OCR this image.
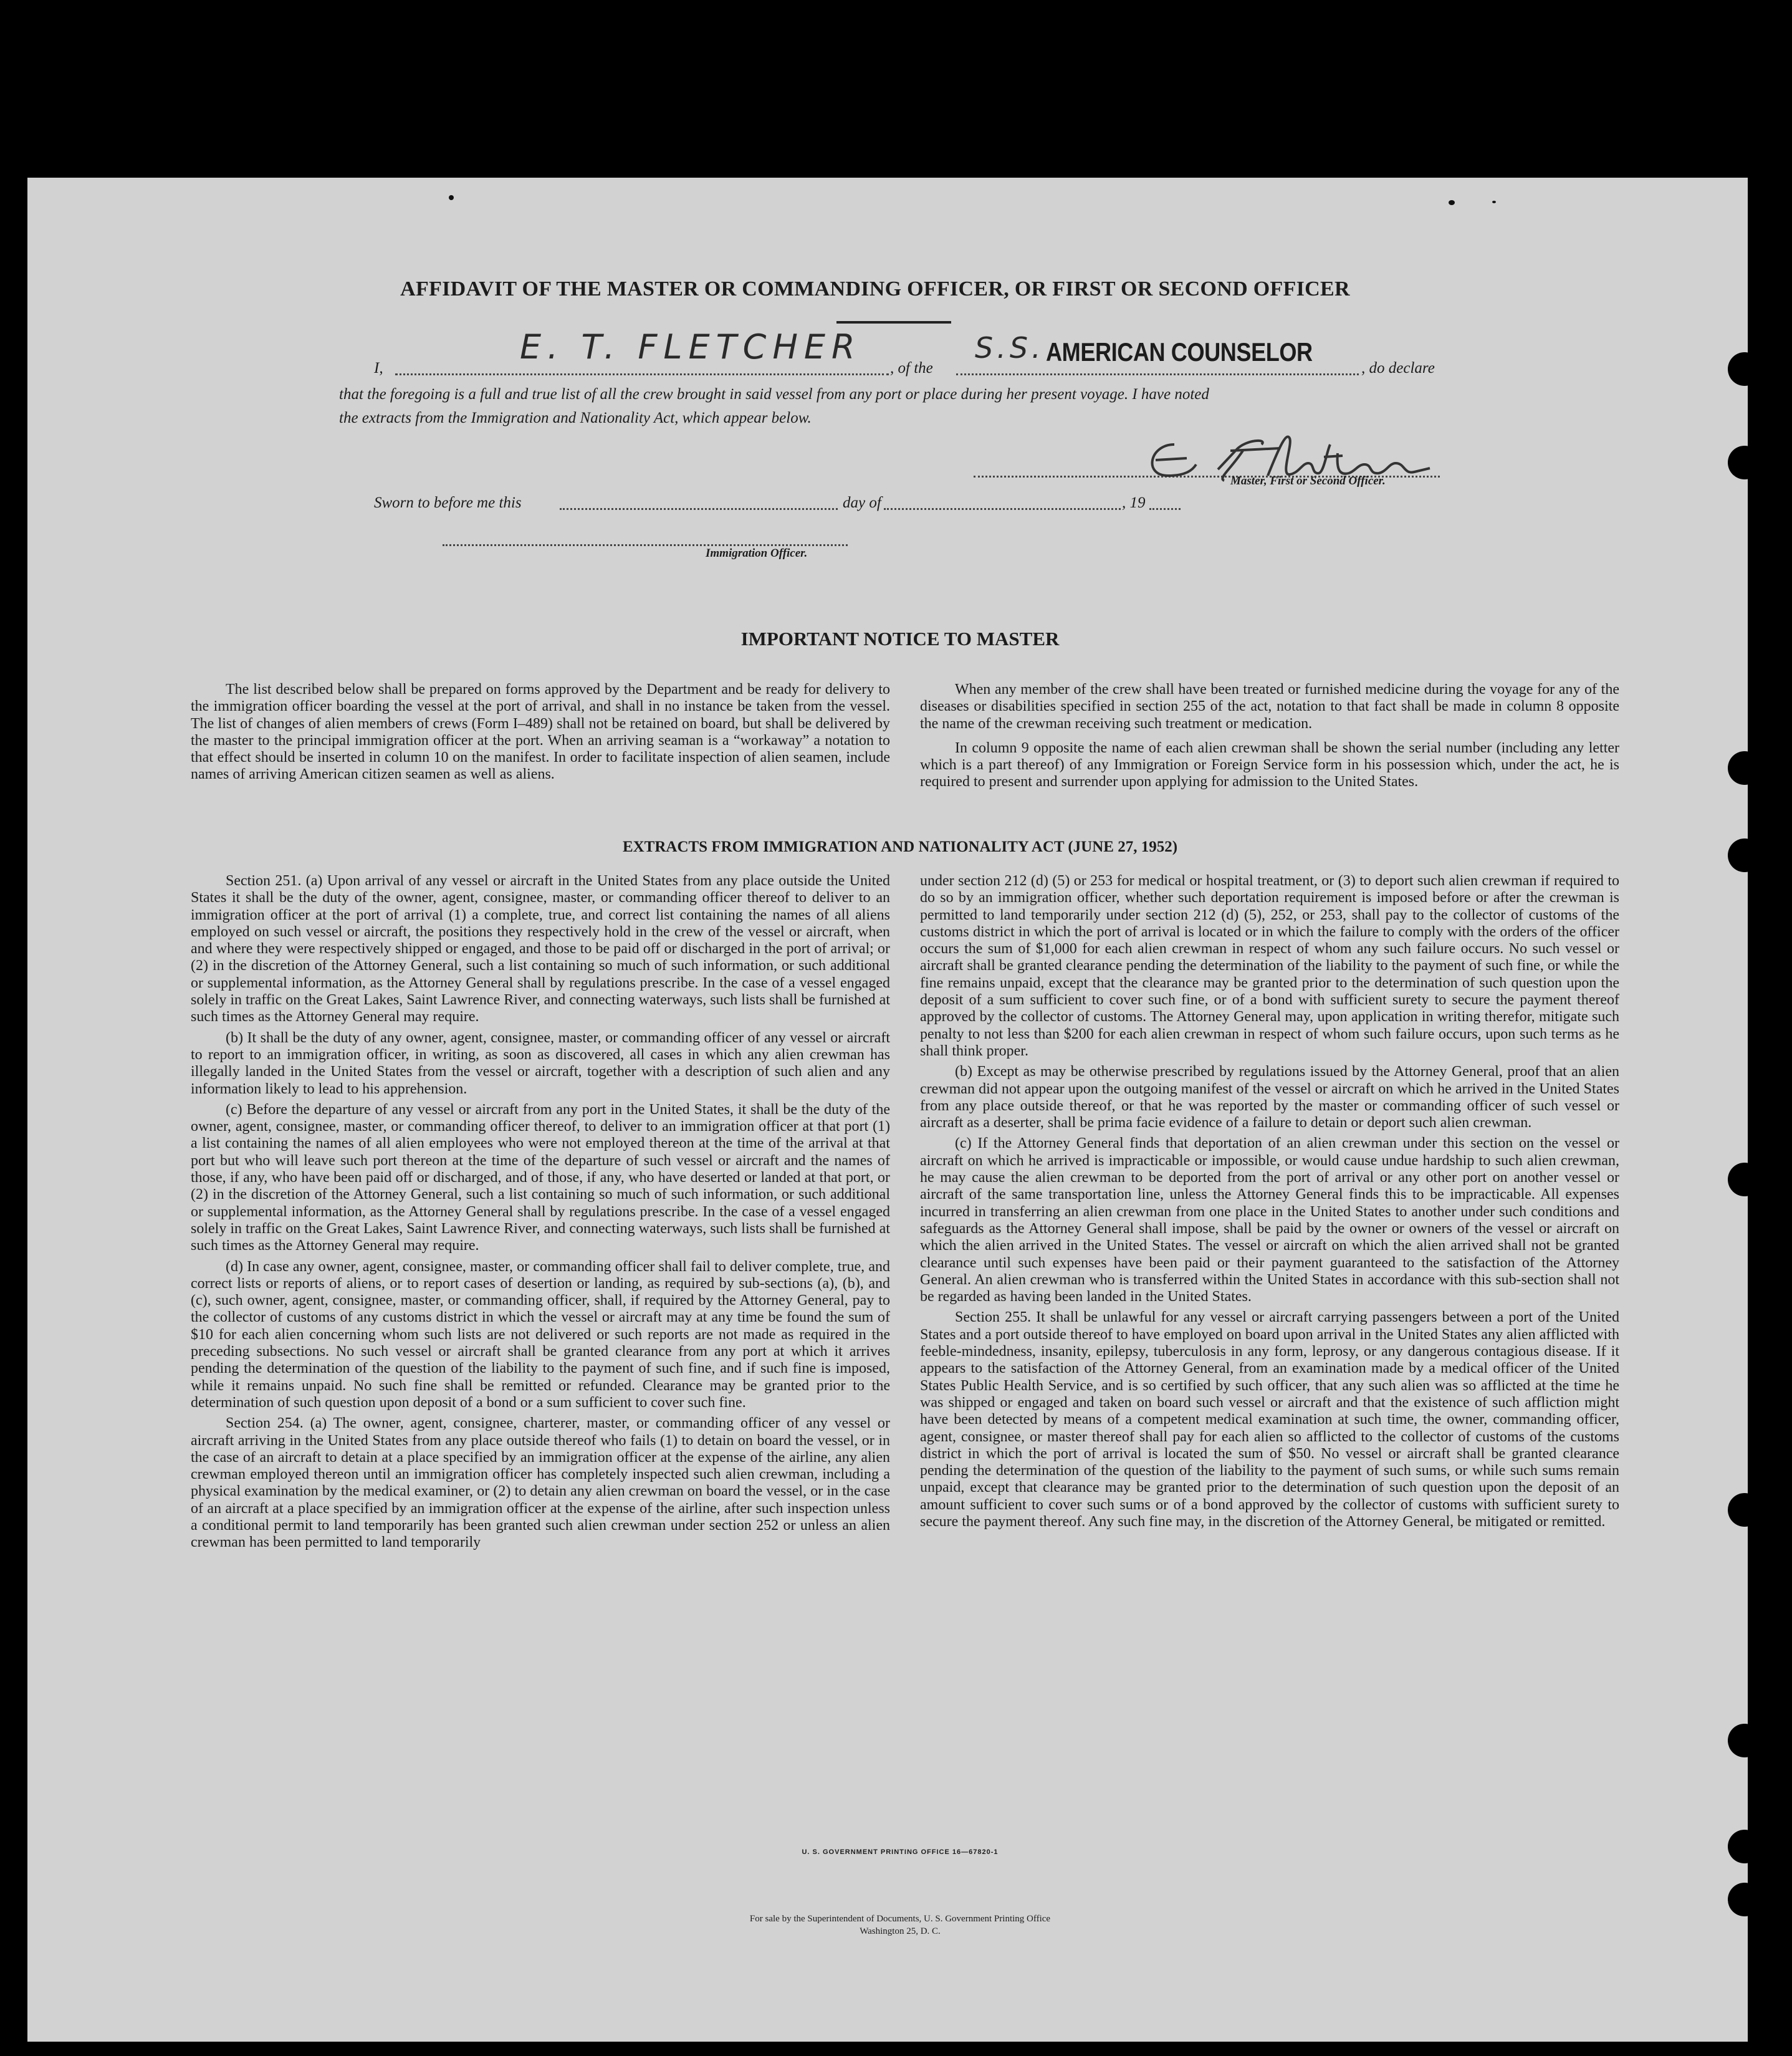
AFFIDAVIT OF THE MASTER OR COMMANDING OFFICER, OR FIRST OR SECOND OFFICER
I,
E. T. FLETCHER
, of the
S.S. AMERICAN COUNSELOR
, do declare
that the foregoing is a full and true list of all the crew brought in said vessel from any port or place during her present voyage. I have noted
the extracts from the Immigration and Nationality Act, which appear below.
Master, First or Second Officer.
Sworn to before me this	day of	, 19
Immigration Officer.
IMPORTANT NOTICE TO MASTER

The list described below shall be prepared on forms approved by the Department and be ready for delivery to the immigration officer boarding the vessel at the port of arrival, and shall in no instance be taken from the vessel. The list of changes of alien members of crews (Form I–489) shall not be retained on board, but shall be delivered by the master to the principal immigration officer at the port. When an arriving seaman is a “workaway” a notation to that effect should be inserted in column 10 on the manifest. In order to facilitate inspection of alien seamen, include names of arriving American citizen seamen as well as aliens.

When any member of the crew shall have been treated or furnished medicine during the voyage for any of the diseases or disabilities specified in section 255 of the act, notation to that fact shall be made in column 8 opposite the name of the crewman receiving such treatment or medication.

In column 9 opposite the name of each alien crewman shall be shown the serial number (including any letter which is a part thereof) of any Immigration or Foreign Service form in his possession which, under the act, he is required to present and surrender upon applying for admission to the United States.

EXTRACTS FROM IMMIGRATION AND NATIONALITY ACT (JUNE 27, 1952)

Section 251. (a) Upon arrival of any vessel or aircraft in the United States from any place outside the United States it shall be the duty of the owner, agent, consignee, master, or commanding officer thereof to deliver to an immigration officer at the port of arrival (1) a complete, true, and correct list containing the names of all aliens employed on such vessel or aircraft, the positions they respectively hold in the crew of the vessel or aircraft, when and where they were respectively shipped or engaged, and those to be paid off or discharged in the port of arrival; or (2) in the discretion of the Attorney General, such a list containing so much of such information, or such additional or supplemental information, as the Attorney General shall by regulations prescribe. In the case of a vessel engaged solely in traffic on the Great Lakes, Saint Lawrence River, and connecting waterways, such lists shall be furnished at such times as the Attorney General may require.

(b) It shall be the duty of any owner, agent, consignee, master, or commanding officer of any vessel or aircraft to report to an immigration officer, in writing, as soon as discovered, all cases in which any alien crewman has illegally landed in the United States from the vessel or aircraft, together with a description of such alien and any information likely to lead to his apprehension.

(c) Before the departure of any vessel or aircraft from any port in the United States, it shall be the duty of the owner, agent, consignee, master, or commanding officer thereof, to deliver to an immigration officer at that port (1) a list containing the names of all alien employees who were not employed thereon at the time of the arrival at that port but who will leave such port thereon at the time of the departure of such vessel or aircraft and the names of those, if any, who have been paid off or discharged, and of those, if any, who have deserted or landed at that port, or (2) in the discretion of the Attorney General, such a list containing so much of such information, or such additional or supplemental information, as the Attorney General shall by regulations prescribe. In the case of a vessel engaged solely in traffic on the Great Lakes, Saint Lawrence River, and connecting waterways, such lists shall be furnished at such times as the Attorney General may require.

(d) In case any owner, agent, consignee, master, or commanding officer shall fail to deliver complete, true, and correct lists or reports of aliens, or to report cases of desertion or landing, as required by sub-sections (a), (b), and (c), such owner, agent, consignee, master, or commanding officer, shall, if required by the Attorney General, pay to the collector of customs of any customs district in which the vessel or aircraft may at any time be found the sum of $10 for each alien concerning whom such lists are not delivered or such reports are not made as required in the preceding subsections. No such vessel or aircraft shall be granted clearance from any port at which it arrives pending the determination of the question of the liability to the payment of such fine, and if such fine is imposed, while it remains unpaid. No such fine shall be remitted or refunded. Clearance may be granted prior to the determination of such question upon deposit of a bond or a sum sufficient to cover such fine.

Section 254. (a) The owner, agent, consignee, charterer, master, or commanding officer of any vessel or aircraft arriving in the United States from any place outside thereof who fails (1) to detain on board the vessel, or in the case of an aircraft to detain at a place specified by an immigration officer at the expense of the airline, any alien crewman employed thereon until an immigration officer has completely inspected such alien crewman, including a physical examination by the medical examiner, or (2) to detain any alien crewman on board the vessel, or in the case of an aircraft at a place specified by an immigration officer at the expense of the airline, after such inspection unless a conditional permit to land temporarily has been granted such alien crewman under section 252 or unless an alien crewman has been permitted to land temporarily

under section 212 (d) (5) or 253 for medical or hospital treatment, or (3) to deport such alien crewman if required to do so by an immigration officer, whether such deportation requirement is imposed before or after the crewman is permitted to land temporarily under section 212 (d) (5), 252, or 253, shall pay to the collector of customs of the customs district in which the port of arrival is located or in which the failure to comply with the orders of the officer occurs the sum of $1,000 for each alien crewman in respect of whom any such failure occurs. No such vessel or aircraft shall be granted clearance pending the determination of the liability to the payment of such fine, or while the fine remains unpaid, except that the clearance may be granted prior to the determination of such question upon the deposit of a sum sufficient to cover such fine, or of a bond with sufficient surety to secure the payment thereof approved by the collector of customs. The Attorney General may, upon application in writing therefor, mitigate such penalty to not less than $200 for each alien crewman in respect of whom such failure occurs, upon such terms as he shall think proper.

(b) Except as may be otherwise prescribed by regulations issued by the Attorney General, proof that an alien crewman did not appear upon the outgoing manifest of the vessel or aircraft on which he arrived in the United States from any place outside thereof, or that he was reported by the master or commanding officer of such vessel or aircraft as a deserter, shall be prima facie evidence of a failure to detain or deport such alien crewman.

(c) If the Attorney General finds that deportation of an alien crewman under this section on the vessel or aircraft on which he arrived is impracticable or impossible, or would cause undue hardship to such alien crewman, he may cause the alien crewman to be deported from the port of arrival or any other port on another vessel or aircraft of the same transportation line, unless the Attorney General finds this to be impracticable. All expenses incurred in transferring an alien crewman from one place in the United States to another under such conditions and safeguards as the Attorney General shall impose, shall be paid by the owner or owners of the vessel or aircraft on which the alien arrived in the United States. The vessel or aircraft on which the alien arrived shall not be granted clearance until such expenses have been paid or their payment guaranteed to the satisfaction of the Attorney General. An alien crewman who is transferred within the United States in accordance with this sub-section shall not be regarded as having been landed in the United States.

Section 255. It shall be unlawful for any vessel or aircraft carrying passengers between a port of the United States and a port outside thereof to have employed on board upon arrival in the United States any alien afflicted with feeble-mindedness, insanity, epilepsy, tuberculosis in any form, leprosy, or any dangerous contagious disease. If it appears to the satisfaction of the Attorney General, from an examination made by a medical officer of the United States Public Health Service, and is so certified by such officer, that any such alien was so afflicted at the time he was shipped or engaged and taken on board such vessel or aircraft and that the existence of such affliction might have been detected by means of a competent medical examination at such time, the owner, commanding officer, agent, consignee, or master thereof shall pay for each alien so afflicted to the collector of customs of the customs district in which the port of arrival is located the sum of $50. No vessel or aircraft shall be granted clearance pending the determination of the question of the liability to the payment of such sums, or while such sums remain unpaid, except that clearance may be granted prior to the determination of such question upon the deposit of an amount sufficient to cover such sums or of a bond approved by the collector of customs with sufficient surety to secure the payment thereof. Any such fine may, in the discretion of the Attorney General, be mitigated or remitted.

U. S. GOVERNMENT PRINTING OFFICE 16—67820-1
For sale by the Superintendent of Documents, U. S. Government Printing Office
Washington 25, D. C.
